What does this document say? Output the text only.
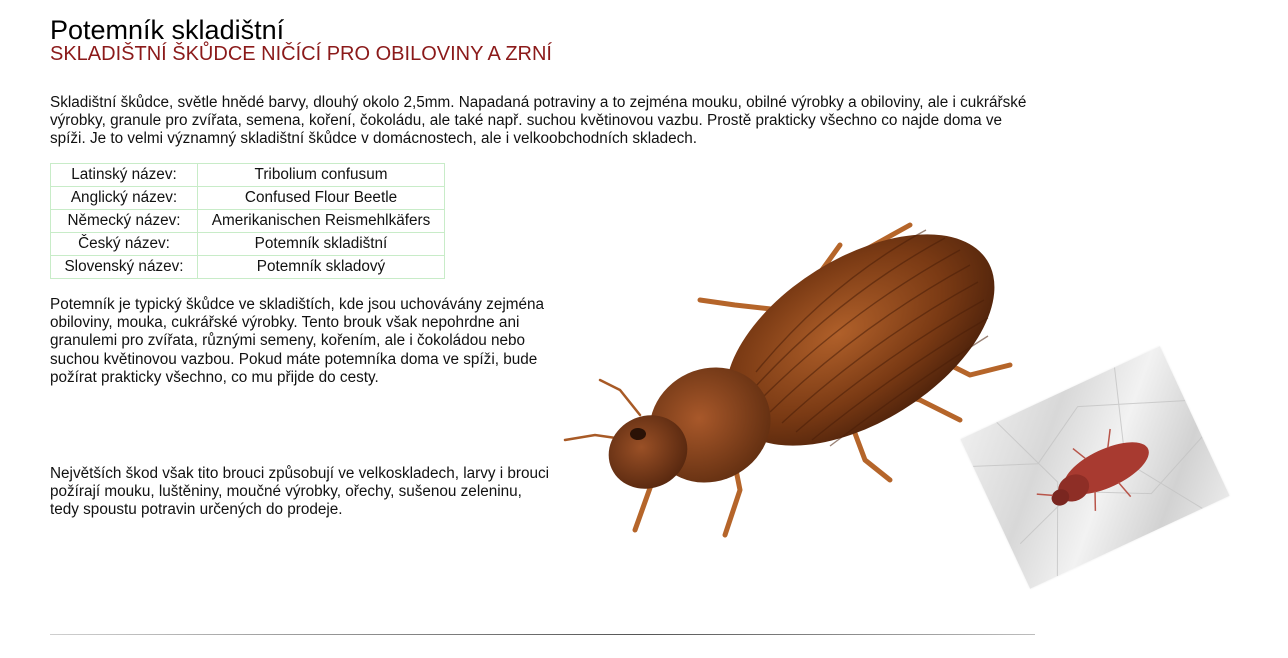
Potemník skladištní
SKLADIŠTNÍ ŠKŮDCE NIČÍCÍ PRO OBILOVINY A ZRNÍ

Skladištní škůdce, světle hnědé barvy, dlouhý okolo 2,5mm. Napadaná potraviny a to zejména mouku, obilné výrobky a obiloviny, ale i cukrářské výrobky, granule pro zvířata, semena, koření, čokoládu, ale také např. suchou květinovou vazbu. Prostě prakticky všechno co najde doma ve spíži. Je to velmi významný skladištní škůdce v domácnostech, ale i velkoobchodních skladech.

Latinský název:	Tribolium confusum
Anglický název:	Confused Flour Beetle
Německý název:	Amerikanischen Reismehlkäfers
Český název:	Potemník skladištní
Slovenský název:	Potemník skladový

Potemník je typický škůdce ve skladištích, kde jsou uchovávány zejména obiloviny, mouka, cukrářské výrobky. Tento brouk však nepohrdne ani granulemi pro zvířata, různými semeny, kořením, ale i čokoládou nebo suchou květinovou vazbou. Pokud máte potemníka doma ve spíži, bude požírat prakticky všechno, co mu přijde do cesty.

Největších škod však tito brouci způsobují ve velkoskladech, larvy i brouci požírají mouku, luštěniny, moučné výrobky, ořechy, sušenou zeleninu, tedy spoustu potravin určených do prodeje.
